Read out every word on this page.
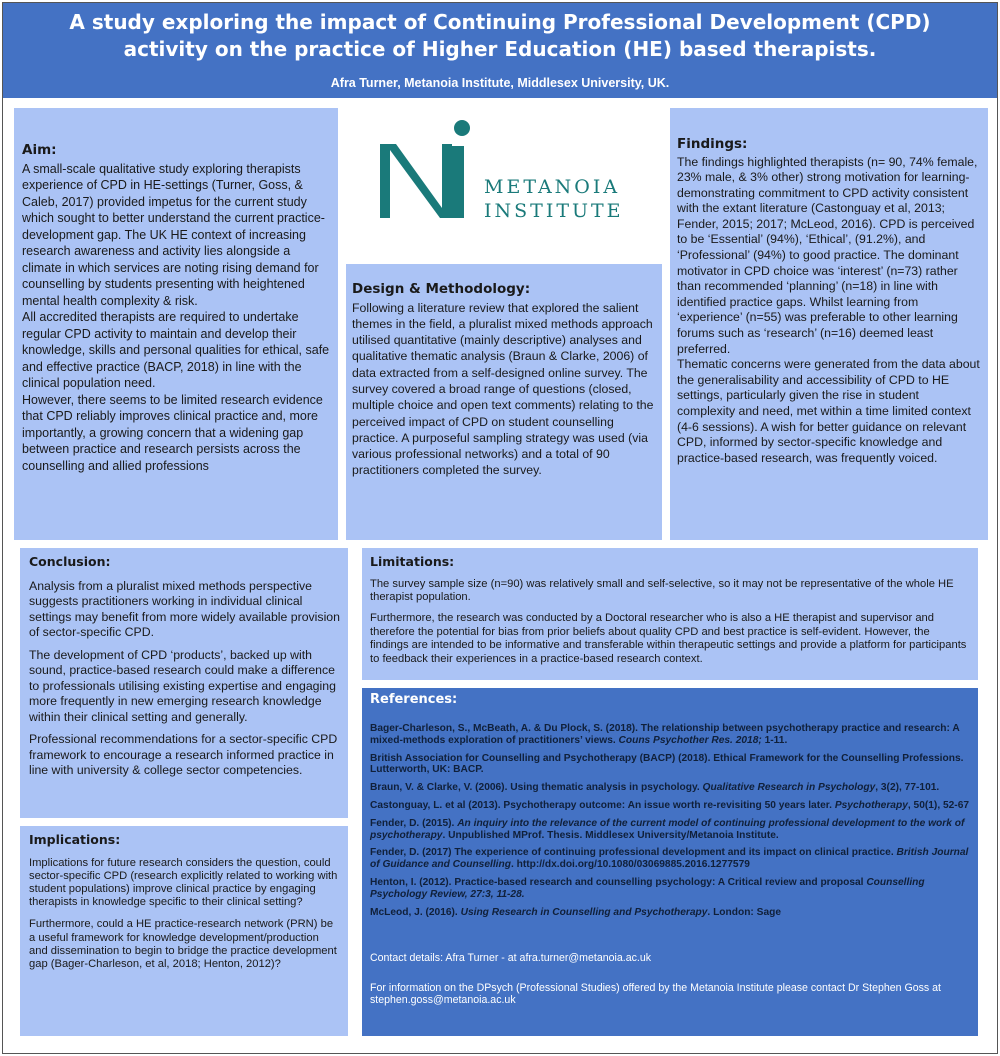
A study exploring the impact of Continuing Professional Development (CPD)
activity on the practice of Higher Education (HE) based therapists.
Afra Turner, Metanoia Institute, Middlesex University, UK.
Aim:

A small-scale qualitative study exploring therapists experience of CPD in HE-settings (Turner, Goss, & Caleb, 2017) provided impetus for the current study which sought to better understand the current practice-development gap. The UK HE context of increasing research awareness and activity lies alongside a climate in which services are noting rising demand for counselling by students presenting with heightened mental health complexity & risk.

All accredited therapists are required to undertake regular CPD activity to maintain and develop their knowledge, skills and personal qualities for ethical, safe and effective practice (BACP, 2018) in line with the clinical population need.

However, there seems to be limited research evidence that CPD reliably improves clinical practice and, more importantly, a growing concern that a widening gap between practice and research persists across the counselling and allied professions

METANOIA
INSTITUTE
Design & Methodology:

Following a literature review that explored the salient themes in the field, a pluralist mixed methods approach utilised quantitative (mainly descriptive) analyses and qualitative thematic analysis (Braun & Clarke, 2006) of data extracted from a self-designed online survey. The survey covered a broad range of questions (closed, multiple choice and open text comments) relating to the perceived impact of CPD on student counselling practice. A purposeful sampling strategy was used (via various professional networks) and a total of 90 practitioners completed the survey.

Findings:

The findings highlighted therapists (n= 90, 74% female, 23% male, & 3% other) strong motivation for learning-demonstrating commitment to CPD activity consistent with the extant literature (Castonguay et al, 2013; Fender, 2015; 2017; McLeod, 2016). CPD is perceived to be ‘Essential’ (94%), ‘Ethical’, (91.2%), and ‘Professional’ (94%) to good practice. The dominant motivator in CPD choice was ‘interest’ (n=73) rather than recommended ‘planning’ (n=18) in line with identified practice gaps. Whilst learning from ‘experience’ (n=55) was preferable to other learning forums such as ‘research’ (n=16) deemed least preferred.

Thematic concerns were generated from the data about the generalisability and accessibility of CPD to HE settings, particularly given the rise in student complexity and need, met within a time limited context (4-6 sessions). A wish for better guidance on relevant CPD, informed by sector-specific knowledge and practice-based research, was frequently voiced.

Conclusion:

Analysis from a pluralist mixed methods perspective suggests practitioners working in individual clinical settings may benefit from more widely available provision of sector-specific CPD.

The development of CPD ‘products’, backed up with sound, practice-based research could make a difference to professionals utilising existing expertise and engaging more frequently in new emerging research knowledge within their clinical setting and generally.

Professional recommendations for a sector-specific CPD framework to encourage a research informed practice in line with university & college sector competencies.

Implications:

Implications for future research considers the question, could sector-specific CPD (research explicitly related to working with student populations) improve clinical practice by engaging therapists in knowledge specific to their clinical setting?

Furthermore, could a HE practice-research network (PRN) be a useful framework for knowledge development/production and dissemination to begin to bridge the practice development gap (Bager-Charleson, et al, 2018; Henton, 2012)?

Limitations:

The survey sample size (n=90) was relatively small and self-selective, so it may not be representative of the whole HE therapist population.

Furthermore, the research was conducted by a Doctoral researcher who is also a HE therapist and supervisor and therefore the potential for bias from prior beliefs about quality CPD and best practice is self-evident. However, the findings are intended to be informative and transferable within therapeutic settings and provide a platform for participants to feedback their experiences in a practice-based research context.

References:
Bager-Charleson, S., McBeath, A. & Du Plock, S. (2018). The relationship between psychotherapy practice and research: A mixed-methods exploration of practitioners’ views. Couns Psychother Res. 2018; 1-11.
British Association for Counselling and Psychotherapy (BACP) (2018). Ethical Framework for the Counselling Professions. Lutterworth, UK: BACP.
Braun, V. & Clarke, V. (2006). Using thematic analysis in psychology. Qualitative Research in Psychology, 3(2), 77-101.
Castonguay, L. et al (2013). Psychotherapy outcome: An issue worth re-revisiting 50 years later. Psychotherapy, 50(1), 52-67
Fender, D. (2015). An inquiry into the relevance of the current model of continuing professional development to the work of psychotherapy. Unpublished MProf. Thesis. Middlesex University/Metanoia Institute.
Fender, D. (2017) The experience of continuing professional development and its impact on clinical practice. British Journal of Guidance and Counselling. http://dx.doi.org/10.1080/03069885.2016.1277579
Henton, I. (2012). Practice-based research and counselling psychology: A Critical review and proposal Counselling Psychology Review, 27:3, 11-28.
McLeod, J. (2016). Using Research in Counselling and Psychotherapy. London: Sage
Contact details: Afra Turner - at afra.turner@metanoia.ac.uk
For information on the DPsych (Professional Studies) offered by the Metanoia Institute please contact Dr Stephen Goss at stephen.goss@metanoia.ac.uk
